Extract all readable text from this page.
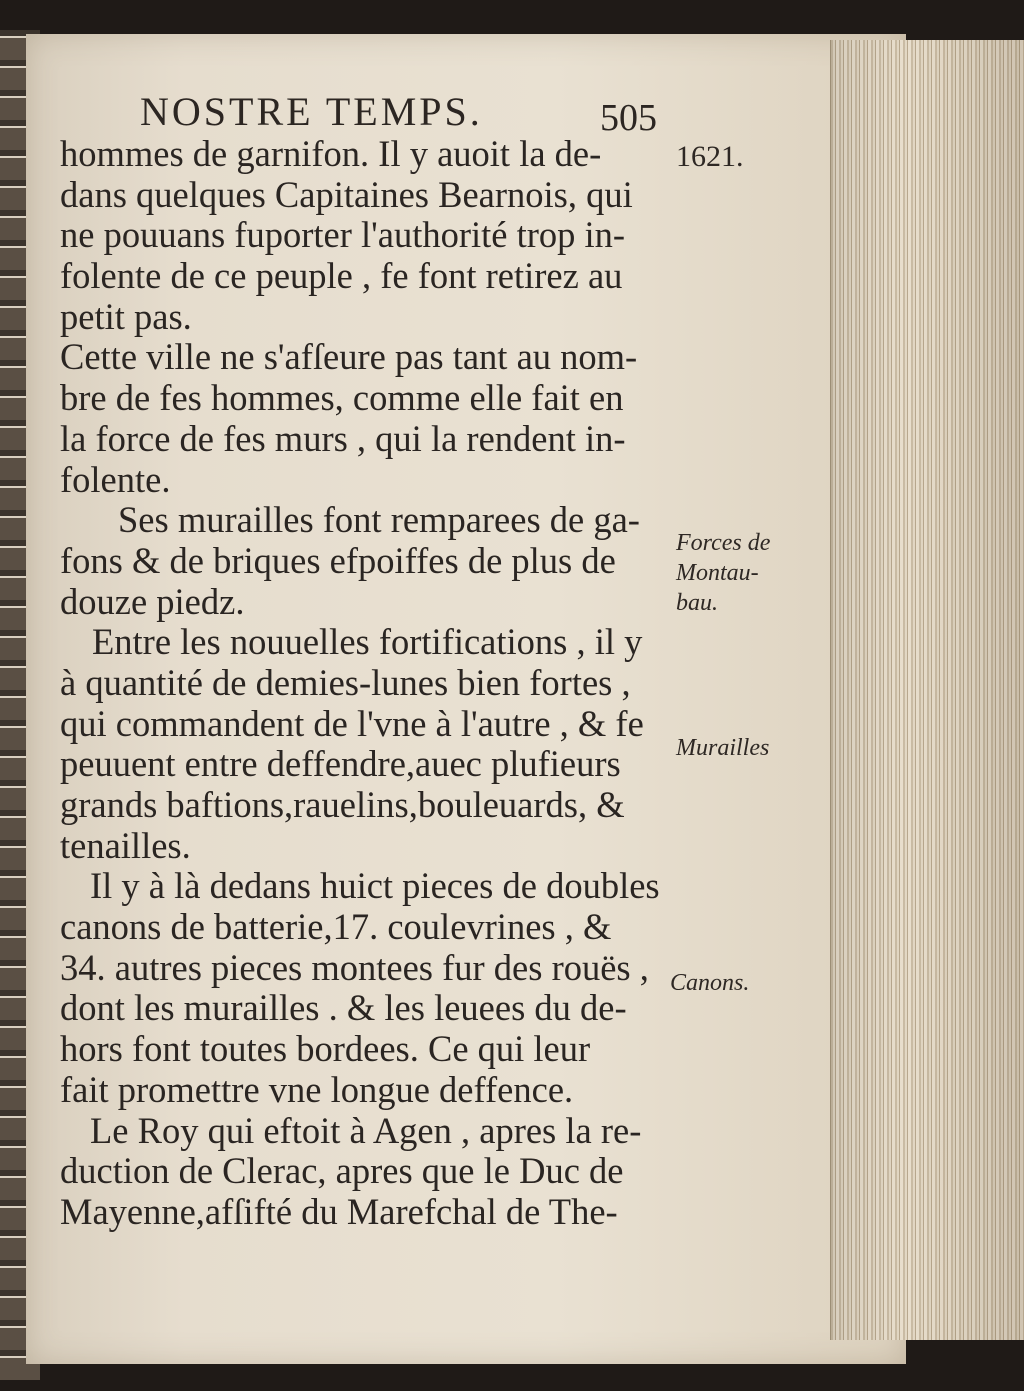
NOSTRE TEMPS.	505
hommes de garnifon. Il y auoit la de-
dans quelques Capitaines Bearnois, qui
ne pouuans fuporter l'authorité trop in-
folente de ce peuple , fe font retirez au
petit pas.
Cette ville ne s'afſeure pas tant au nom-
bre de fes hommes, comme elle fait en
la force de fes murs , qui la rendent in-
folente.
Ses murailles font remparees de ga-
fons & de briques efpoiffes de plus de
douze piedz.
Entre les nouuelles fortifications , il y
à quantité de demies-lunes bien fortes ,
qui commandent de l'vne à l'autre , & fe
peuuent entre deffendre,auec plufieurs
grands baftions,rauelins,bouleuards, &
tenailles.
Il y à là dedans huict pieces de doubles
canons de batterie,17. coulevrines , &
34. autres pieces montees fur des rouës ,
dont les murailles . & les leuees du de-
hors font toutes bordees. Ce qui leur
fait promettre vne longue deffence.
Le Roy qui eftoit à Agen , apres la re-
duction de Clerac, apres que le Duc de
Mayenne,afſifté du Marefchal de The-
1621.
Forces de
Montau-
bau.
Murailles
Canons.
